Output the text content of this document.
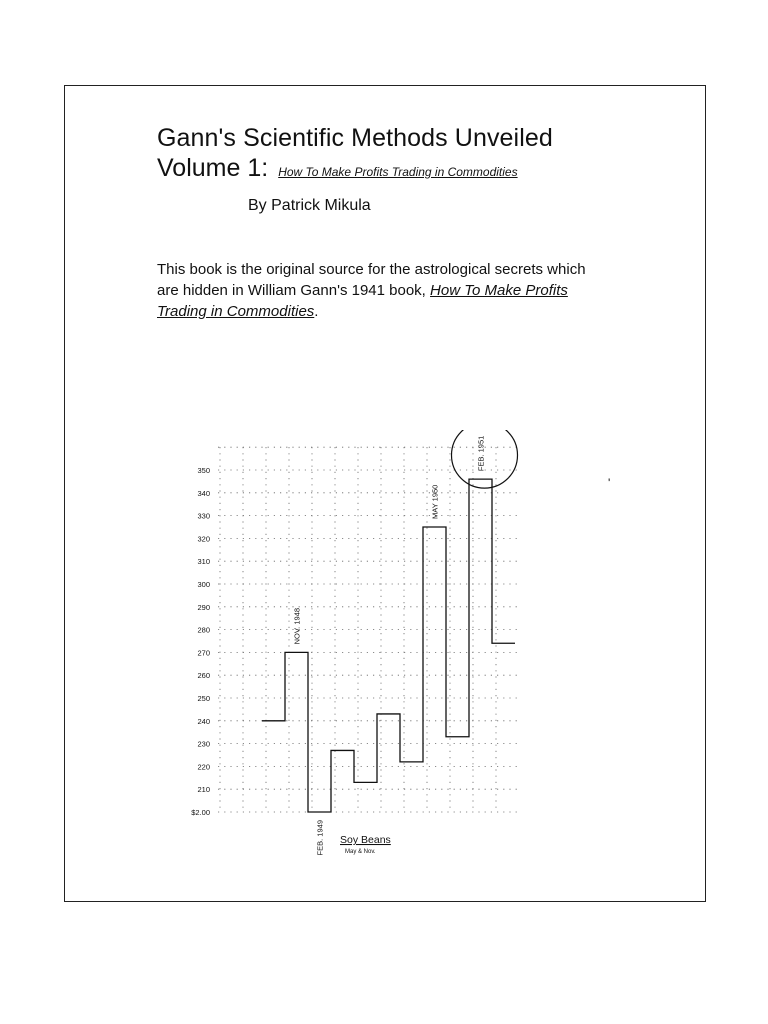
Gann's Scientific Methods Unveiled
Volume 1: How To Make Profits Trading in Commodities

By Patrick Mikula

This book is the original source for the astrological secrets which are hidden in William Gann's 1941 book, How To Make Profits Trading in Commodities.

'
$2.00
210
220
230
240
250
260
270
280
290
300
310
320
330
340
350
NOV. 1948
FEB. 1949
MAY 1950
FEB. 1951
Soy Beans
May & Nov.
